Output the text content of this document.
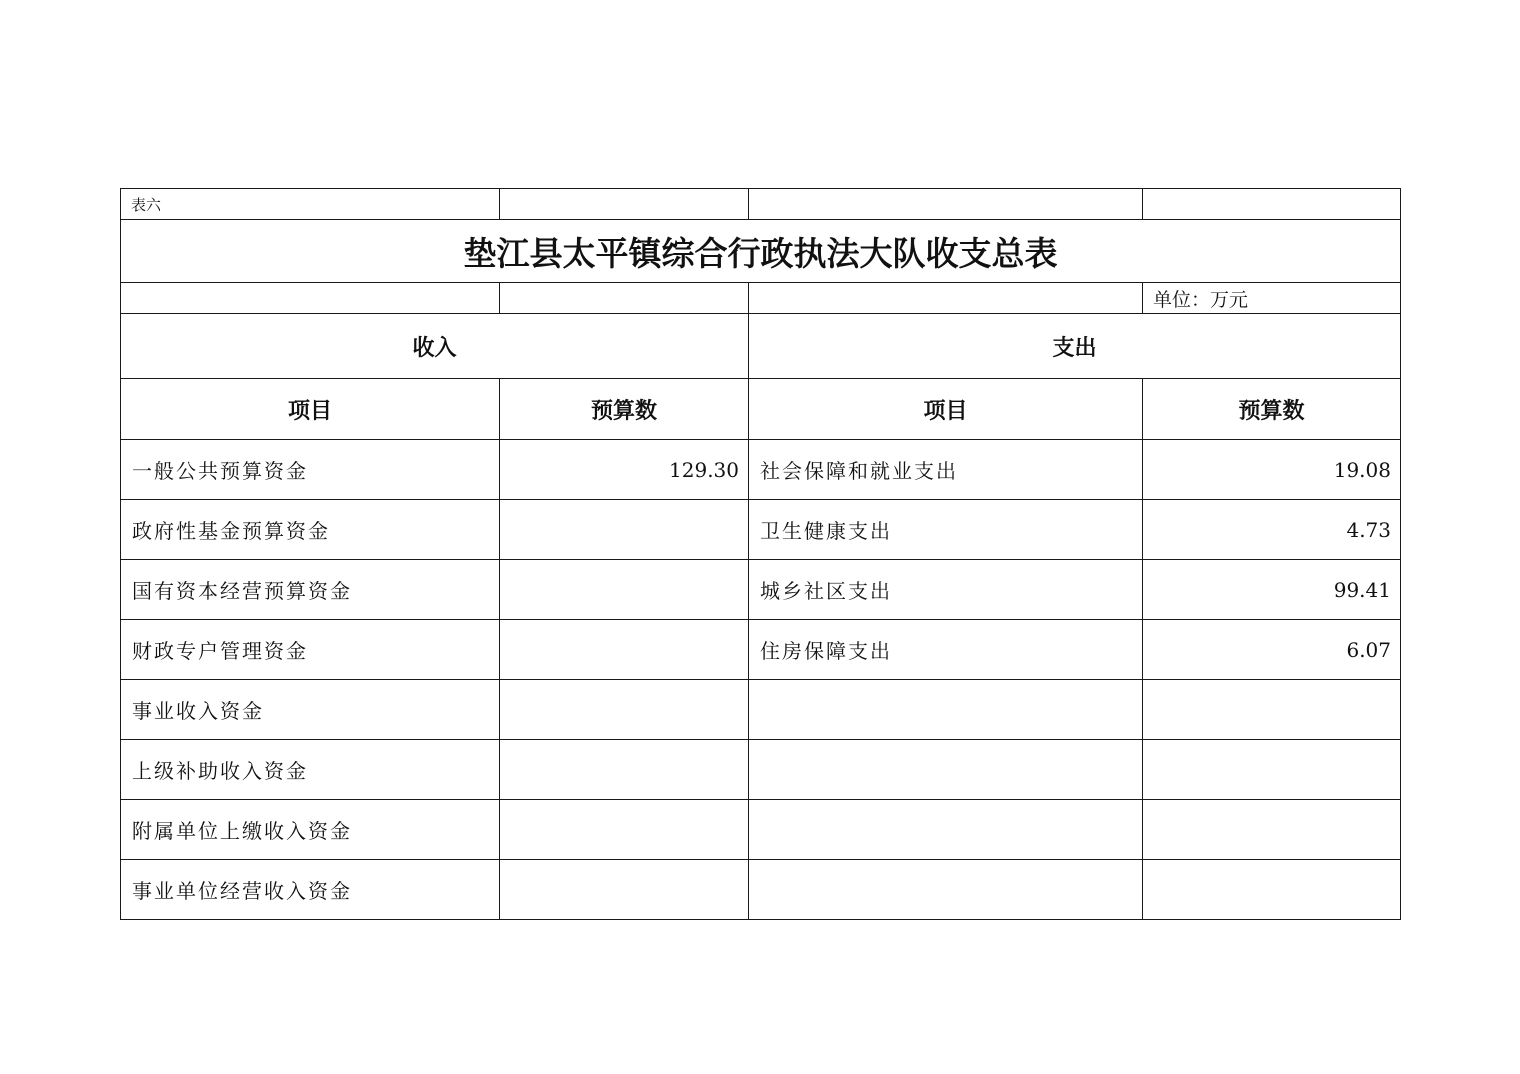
表六			
垫江县太平镇综合行政执法大队收支总表			
			单位：万元
收入		支出	
项目	预算数	项目	预算数
一般公共预算资金	129.30	社会保障和就业支出	19.08
政府性基金预算资金		卫生健康支出	4.73
国有资本经营预算资金		城乡社区支出	99.41
财政专户管理资金		住房保障支出	6.07
事业收入资金			
上级补助收入资金			
附属单位上缴收入资金			
事业单位经营收入资金			
